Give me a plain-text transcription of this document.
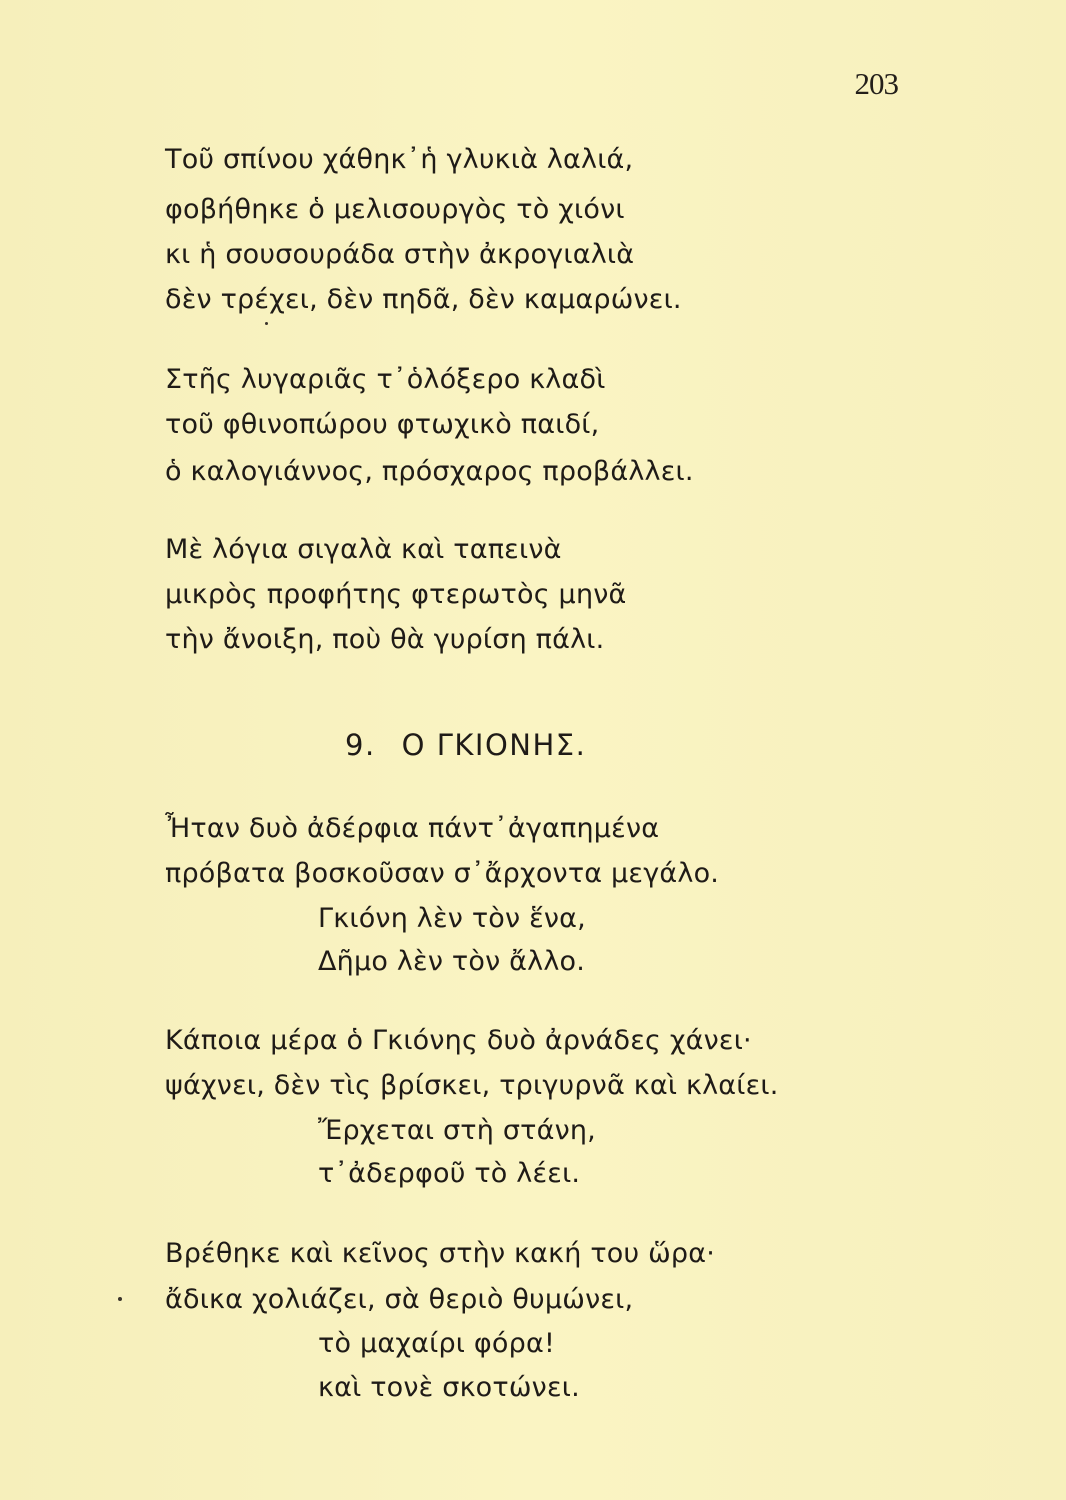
203
Τοῦ σπίνου χάθηκ᾿ἡ γλυκιὰ λαλιά,
φοβήθηκε ὁ μελισουργὸς τὸ χιόνι
κι ἡ σουσουράδα στὴν ἀκρογιαλιὰ
δὲν τρέχει, δὲν πηδᾶ, δὲν καμαρώνει.
Στῆς λυγαριᾶς τ᾿ὁλόξερο κλαδὶ
τοῦ φθινοπώρου φτωχικὸ παιδί,
ὁ καλογιάννος, πρόσχαρος προβάλλει.
Μὲ λόγια σιγαλὰ καὶ ταπεινὰ
μικρὸς προφήτης φτερωτὸς μηνᾶ
τὴν ἄνοιξη, ποὺ θὰ γυρίση πάλι.
9. Ο ΓΚΙΟΝΗΣ.
Ἦταν δυὸ ἀδέρφια πάντ᾿ἀγαπημένα
πρόβατα βοσκοῦσαν σ᾿ἄρχοντα μεγάλο.
Γκιόνη λὲν τὸν ἕνα,
Δῆμο λὲν τὸν ἄλλο.
Κάποια μέρα ὁ Γκιόνης δυὸ ἀρνάδες χάνει·
ψάχνει, δὲν τὶς βρίσκει, τριγυρνᾶ καὶ κλαίει.
Ἔρχεται στὴ στάνη,
τ᾿ἀδερφοῦ τὸ λέει.
Βρέθηκε καὶ κεῖνος στὴν κακή του ὥρα·
ἄδικα χολιάζει, σὰ θεριὸ θυμώνει,
τὸ μαχαίρι φόρα!
καὶ τονὲ σκοτώνει.
